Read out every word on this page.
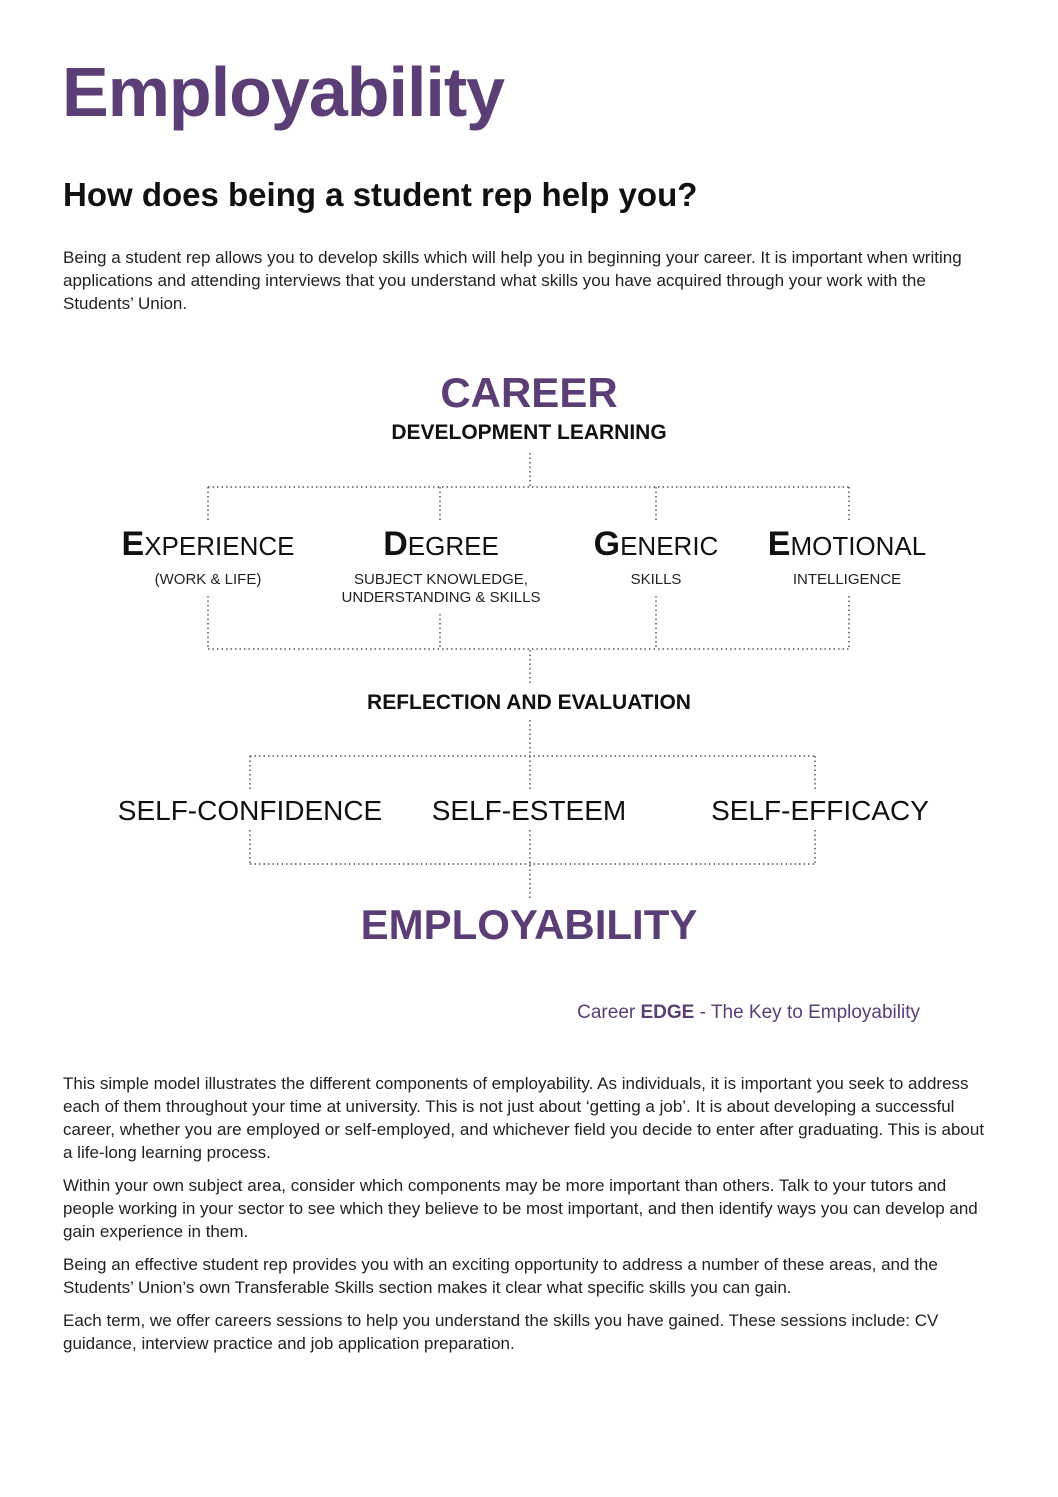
Employability
How does being a student rep help you?
Being a student rep allows you to develop skills which will help you in beginning your career. It is important when writing applications and attending interviews that you understand what skills you have acquired through your work with the Students’ Union.
CAREER
DEVELOPMENT LEARNING
EXPERIENCE
(WORK & LIFE)
DEGREE
SUBJECT KNOWLEDGE, UNDERSTANDING & SKILLS
GENERIC
SKILLS
EMOTIONAL
INTELLIGENCE
REFLECTION AND EVALUATION
SELF-CONFIDENCE	SELF-ESTEEM	SELF-EFFICACY
EMPLOYABILITY
Career EDGE - The Key to Employability

This simple model illustrates the different components of employability. As individuals, it is important you seek to address each of them throughout your time at university. This is not just about ‘getting a job’. It is about developing a successful career, whether you are employed or self-employed, and whichever field you decide to enter after graduating. This is about a life-long learning process.

Within your own subject area, consider which components may be more important than others. Talk to your tutors and people working in your sector to see which they believe to be most important, and then identify ways you can develop and gain experience in them.

Being an effective student rep provides you with an exciting opportunity to address a number of these areas, and the Students’ Union’s own Transferable Skills section makes it clear what specific skills you can gain.

Each term, we offer careers sessions to help you understand the skills you have gained. These sessions include: CV guidance, interview practice and job application preparation.
